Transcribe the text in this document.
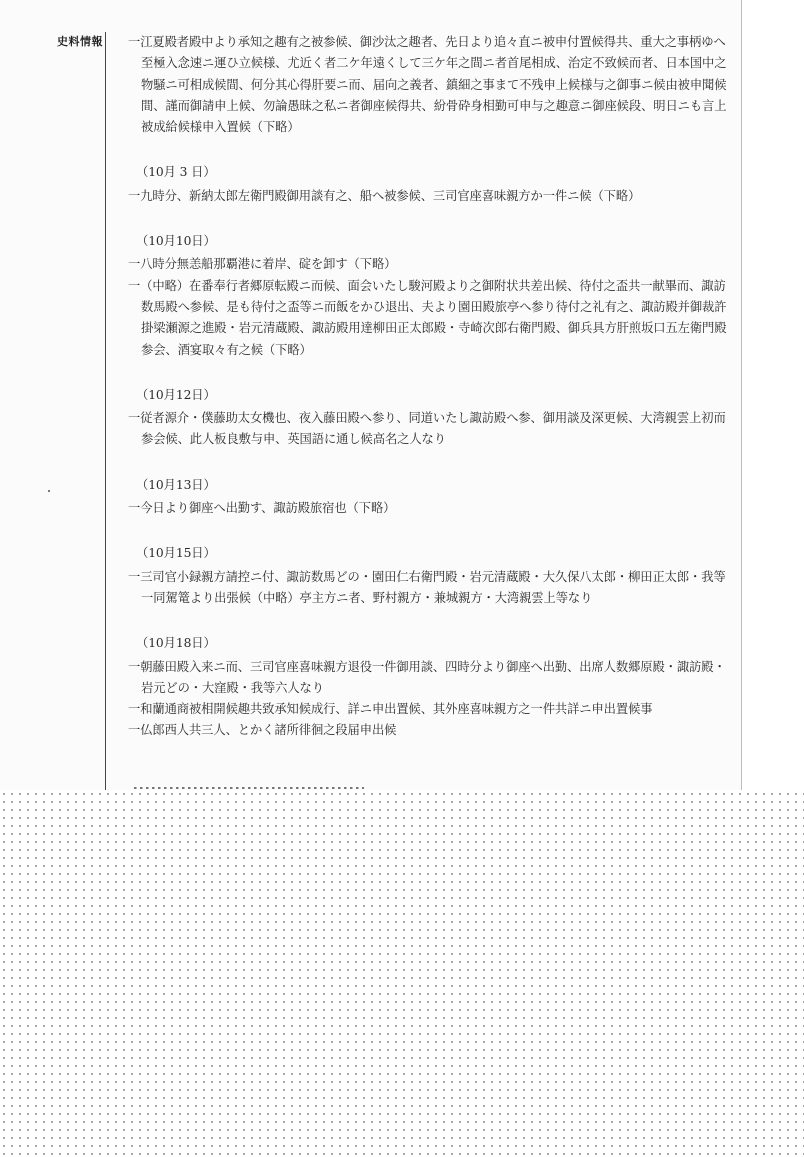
史料情報 一江夏殿者殿中より承知之趣有之被参候、御沙汰之趣者、先日より追々直ニ被申付置候得共、重大之事柄ゆへ至極入念速ニ運ひ立候様、尤近く者二ケ年遠くして三ケ年之間ニ者首尾相成、治定不致候而者、日本国中之物騒ニ可相成候間、何分其心得肝要ニ而、届向之義者、鎮細之事まて不残申上候様与之御事ニ候由被申聞候間、謹而御請申上候、勿論愚昧之私ニ者御座候得共、紛骨砕身相勤可申与之趣意ニ御座候段、明日ニも言上被成給候様申入置候（下略）
（10月 3 日）
一九時分、新納太郎左衛門殿御用談有之、船へ被参候、三司官座喜味親方か一件ニ候（下略）
（10月10日）
一八時分無恙船那覇港に着岸、碇を卸す（下略）
一（中略）在番奉行者郷原転殿ニ而候、面会いたし駿河殿より之御附状共差出候、待付之盃共一献畢而、諏訪数馬殿へ参候、是も待付之盃等ニ而飯をかひ退出、夫より園田殿旅亭へ参り待付之礼有之、諏訪殿并御裁許掛梁瀬源之進殿・岩元清蔵殿、諏訪殿用達柳田正太郎殿・寺崎次郎右衛門殿、御兵具方肝煎坂口五左衛門殿参会、酒宴取々有之候（下略）
（10月12日）
一従者源介・僕藤助太女機也、夜入藤田殿へ参り、同道いたし諏訪殿へ参、御用談及深更候、大湾親雲上初而参会候、此人板良敷与申、英国語に通し候高名之人なり
（10月13日）
一今日より御座へ出勤す、諏訪殿旅宿也（下略）
（10月15日）
一三司官小録親方請控ニ付、諏訪数馬どの・園田仁右衛門殿・岩元清蔵殿・大久保八太郎・柳田正太郎・我等一同駕篭より出張候（中略）亭主方ニ者、野村親方・兼城親方・大湾親雲上等なり
（10月18日）
一朝藤田殿入来ニ而、三司官座喜味親方退役一件御用談、四時分より御座へ出勤、出席人数郷原殿・諏訪殿・岩元どの・大窪殿・我等六人なり
一和蘭通商被相開候趣共致承知候成行、詳ニ申出置候、其外座喜味親方之一件共詳ニ申出置候事
一仏郎西人共三人、とかく諸所徘徊之段届申出候
